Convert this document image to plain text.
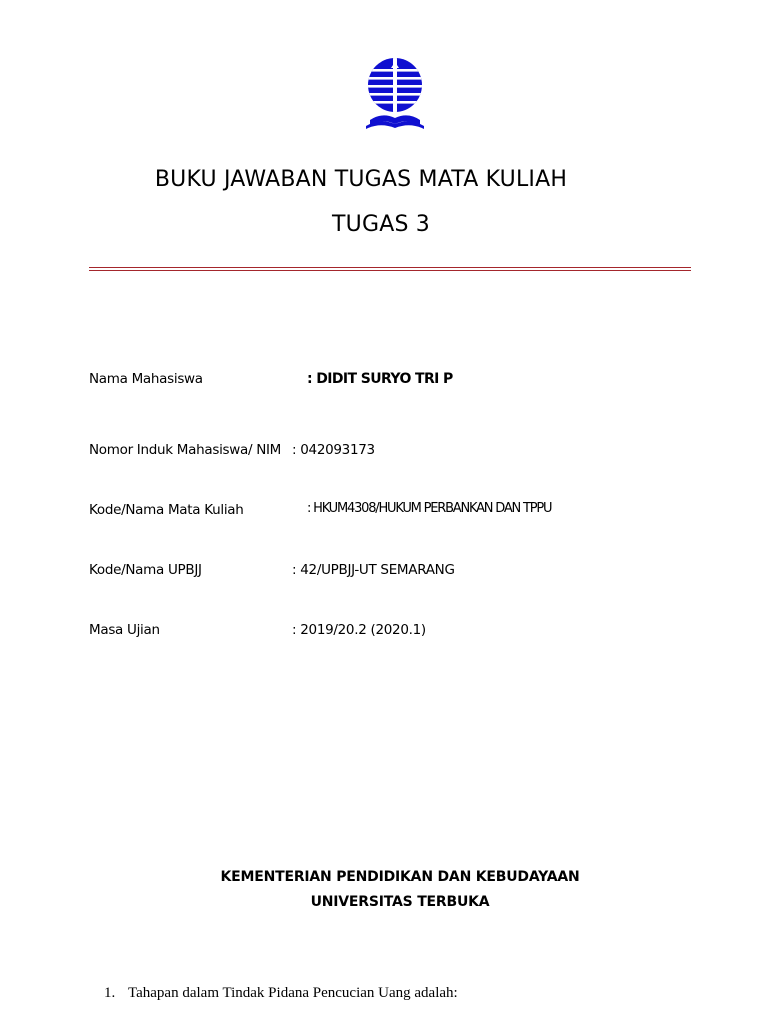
BUKU JAWABAN TUGAS MATA KULIAH
TUGAS 3
Nama Mahasiswa	: DIDIT SURYO TRI P
Nomor Induk Mahasiswa/ NIM : 042093173
Kode/Nama Mata Kuliah	: HKUM4308/HUKUM PERBANKAN DAN TPPU
Kode/Nama UPBJJ	: 42/UPBJJ-UT SEMARANG
Masa Ujian	: 2019/20.2 (2020.1)
KEMENTERIAN PENDIDIKAN DAN KEBUDAYAAN
UNIVERSITAS TERBUKA
1. Tahapan dalam Tindak Pidana Pencucian Uang adalah:
